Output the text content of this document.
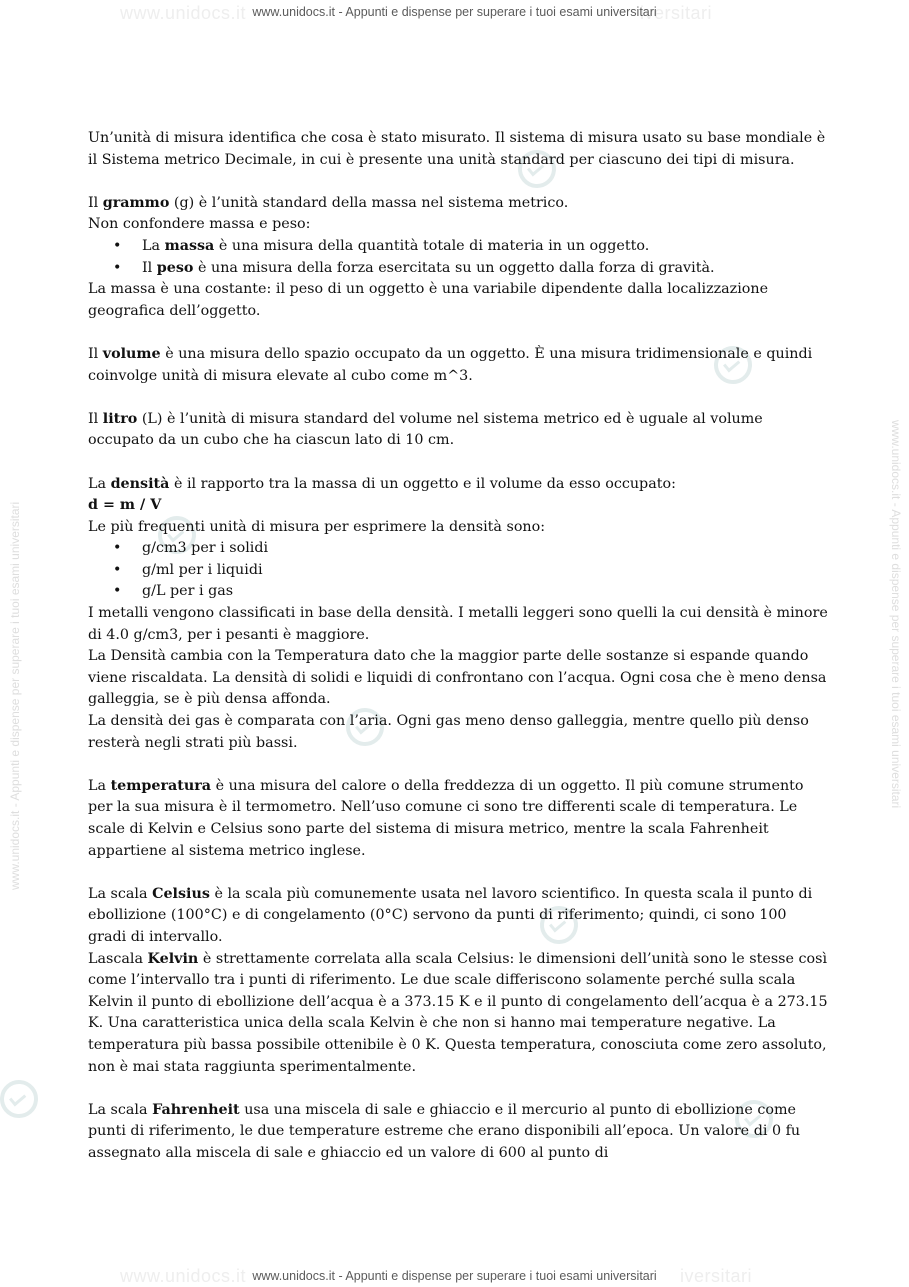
www.unidocs.it	iversitari
www.unidocs.it	iversitari
www.unidocs.it - Appunti e dispense per superare i tuoi esami universitari	www.unidocs.it - Appunti e dispense per superare i tuoi esami universitari
www.unidocs.it - Appunti e dispense per superare i tuoi esami universitari
www.unidocs.it - Appunti e dispense per superare i tuoi esami universitari

Un’unità di misura identifica che cosa è stato misurato. Il sistema di misura usato su base mondiale è il Sistema metrico Decimale, in cui è presente una unità standard per ciascuno dei tipi di misura.

Il grammo (g) è l’unità standard della massa nel sistema metrico.

Non confondere massa e peso:

• La massa è una misura della quantità totale di materia in un oggetto.
• Il peso è una misura della forza esercitata su un oggetto dalla forza di gravità.

La massa è una costante: il peso di un oggetto è una variabile dipendente dalla localizzazione geografica dell’oggetto.

Il volume è una misura dello spazio occupato da un oggetto. È una misura tridimensionale e quindi coinvolge unità di misura elevate al cubo come m^3.

Il litro (L) è l’unità di misura standard del volume nel sistema metrico ed è uguale al volume occupato da un cubo che ha ciascun lato di 10 cm.

La densità è il rapporto tra la massa di un oggetto e il volume da esso occupato:

d = m / V

Le più frequenti unità di misura per esprimere la densità sono:

• g/cm3 per i solidi
• g/ml per i liquidi
• g/L per i gas

I metalli vengono classificati in base della densità. I metalli leggeri sono quelli la cui densità è minore di 4.0 g/cm3, per i pesanti è maggiore.

La Densità cambia con la Temperatura dato che la maggior parte delle sostanze si espande quando viene riscaldata. La densità di solidi e liquidi di confrontano con l’acqua. Ogni cosa che è meno densa galleggia, se è più densa affonda.

La densità dei gas è comparata con l’aria. Ogni gas meno denso galleggia, mentre quello più denso resterà negli strati più bassi.

La temperatura è una misura del calore o della freddezza di un oggetto. Il più comune strumento per la sua misura è il termometro. Nell’uso comune ci sono tre differenti scale di temperatura. Le scale di Kelvin e Celsius sono parte del sistema di misura metrico, mentre la scala Fahrenheit appartiene al sistema metrico inglese.

La scala Celsius è la scala più comunemente usata nel lavoro scientifico. In questa scala il punto di ebollizione (100°C) e di congelamento (0°C) servono da punti di riferimento; quindi, ci sono 100 gradi di intervallo.

Lascala Kelvin è strettamente correlata alla scala Celsius: le dimensioni dell’unità sono le stesse così come l’intervallo tra i punti di riferimento. Le due scale differiscono solamente perché sulla scala Kelvin il punto di ebollizione dell’acqua è a 373.15 K e il punto di congelamento dell’acqua è a 273.15 K. Una caratteristica unica della scala Kelvin è che non si hanno mai temperature negative. La temperatura più bassa possibile ottenibile è 0 K. Questa temperatura, conosciuta come zero assoluto, non è mai stata raggiunta sperimentalmente.

La scala Fahrenheit usa una miscela di sale e ghiaccio e il mercurio al punto di ebollizione come punti di riferimento, le due temperature estreme che erano disponibili all’epoca. Un valore di 0 fu assegnato alla miscela di sale e ghiaccio ed un valore di 600 al punto di
